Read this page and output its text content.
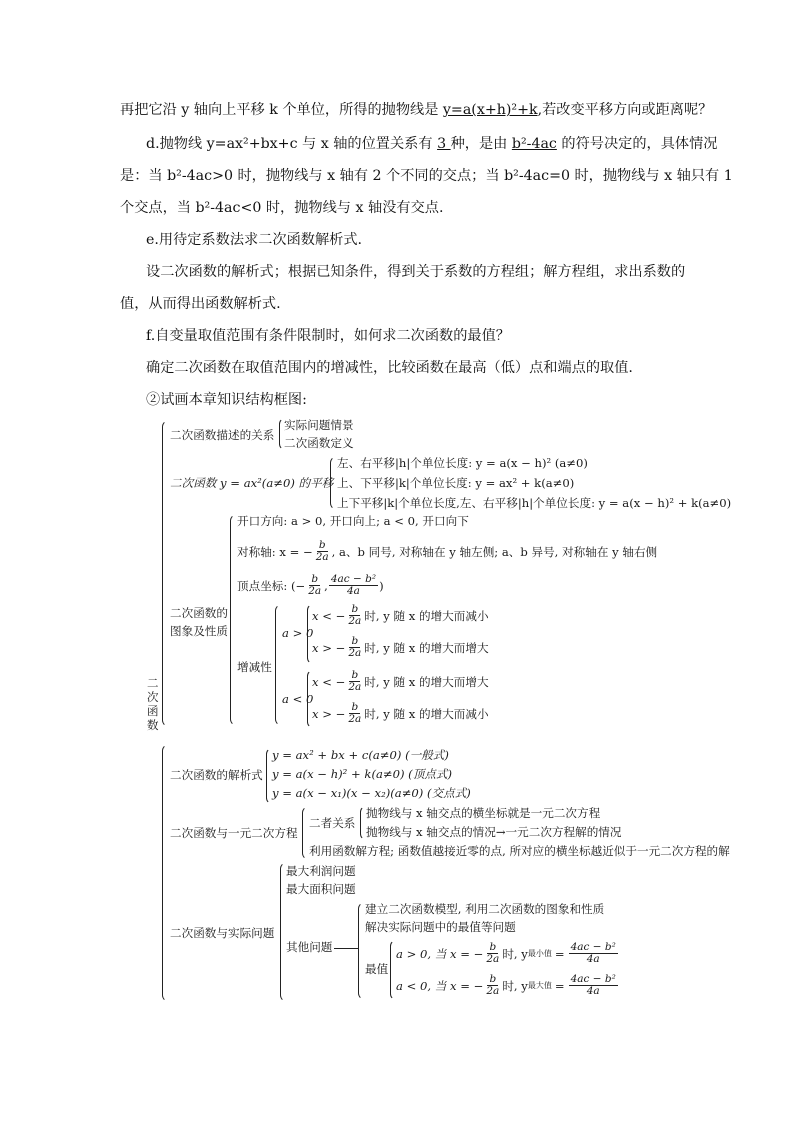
再把它沿 y 轴向上平移 k 个单位，所得的抛物线是 y=a(x+h)²+k,若改变平移方向或距离呢？
d.抛物线 y=ax²+bx+c 与 x 轴的位置关系有 3 种，是由 b²-4ac 的符号决定的，具体情况
是：当 b²-4ac>0 时，抛物线与 x 轴有 2 个不同的交点；当 b²-4ac=0 时，抛物线与 x 轴只有 1
个交点，当 b²-4ac<0 时，抛物线与 x 轴没有交点.
e.用待定系数法求二次函数解析式.
设二次函数的解析式；根据已知条件，得到关于系数的方程组；解方程组，求出系数的
值，从而得出函数解析式.
f.自变量取值范围有条件限制时，如何求二次函数的最值？
确定二次函数在取值范围内的增减性，比较函数在最高（低）点和端点的取值.
②试画本章知识结构框图:
二次函数
二次函数描述的关系
实际问题情景
二次函数定义
二次函数 y = ax²(a≠0) 的平移
左、右平移|h|个单位长度: y = a(x − h)² (a≠0)
上、下平移|k|个单位长度: y = ax² + k(a≠0)
上下平移|k|个单位长度,左、右平移|h|个单位长度: y = a(x − h)² + k(a≠0)
二次函数的
图象及性质
开口方向: a > 0, 开口向上; a < 0, 开口向下
对称轴: x = − $\frac{b}{2a}$ , a、b 同号, 对称轴在 y 轴左侧; a、b 异号, 对称轴在 y 轴右侧
顶点坐标: (− $\frac{b}{2a}$ , $\frac{\text{4ac − b²}}{4a}$ )
增减性
a > 0
a < 0
x < − $\frac{b}{2a}$ 时, y 随 x 的增大而减小
x > − $\frac{b}{2a}$ 时, y 随 x 的增大而增大
x < − $\frac{b}{2a}$ 时, y 随 x 的增大而增大
x > − $\frac{b}{2a}$ 时, y 随 x 的增大而减小
二次函数的解析式
y = ax² + bx + c(a≠0) (一般式)
y = a(x − h)² + k(a≠0) (顶点式)
y = a(x − x₁)(x − x₂)(a≠0) (交点式)
二次函数与一元二次方程
二者关系
抛物线与 x 轴交点的横坐标就是一元二次方程
抛物线与 x 轴交点的情况→一元二次方程解的情况
利用函数解方程; 函数值越接近零的点, 所对应的横坐标越近似于一元二次方程的解
二次函数与实际问题
最大利润问题
最大面积问题
其他问题
建立二次函数模型, 利用二次函数的图象和性质
解决实际问题中的最值等问题
最值
a > 0, 当 x = − $\frac{b}{2a}$ 时, y 最小值 = $\frac{\text{4ac − b²}}{4a}$
a < 0, 当 x = − $\frac{b}{2a}$ 时, y 最大值 = $\frac{\text{4ac − b²}}{4a}$
